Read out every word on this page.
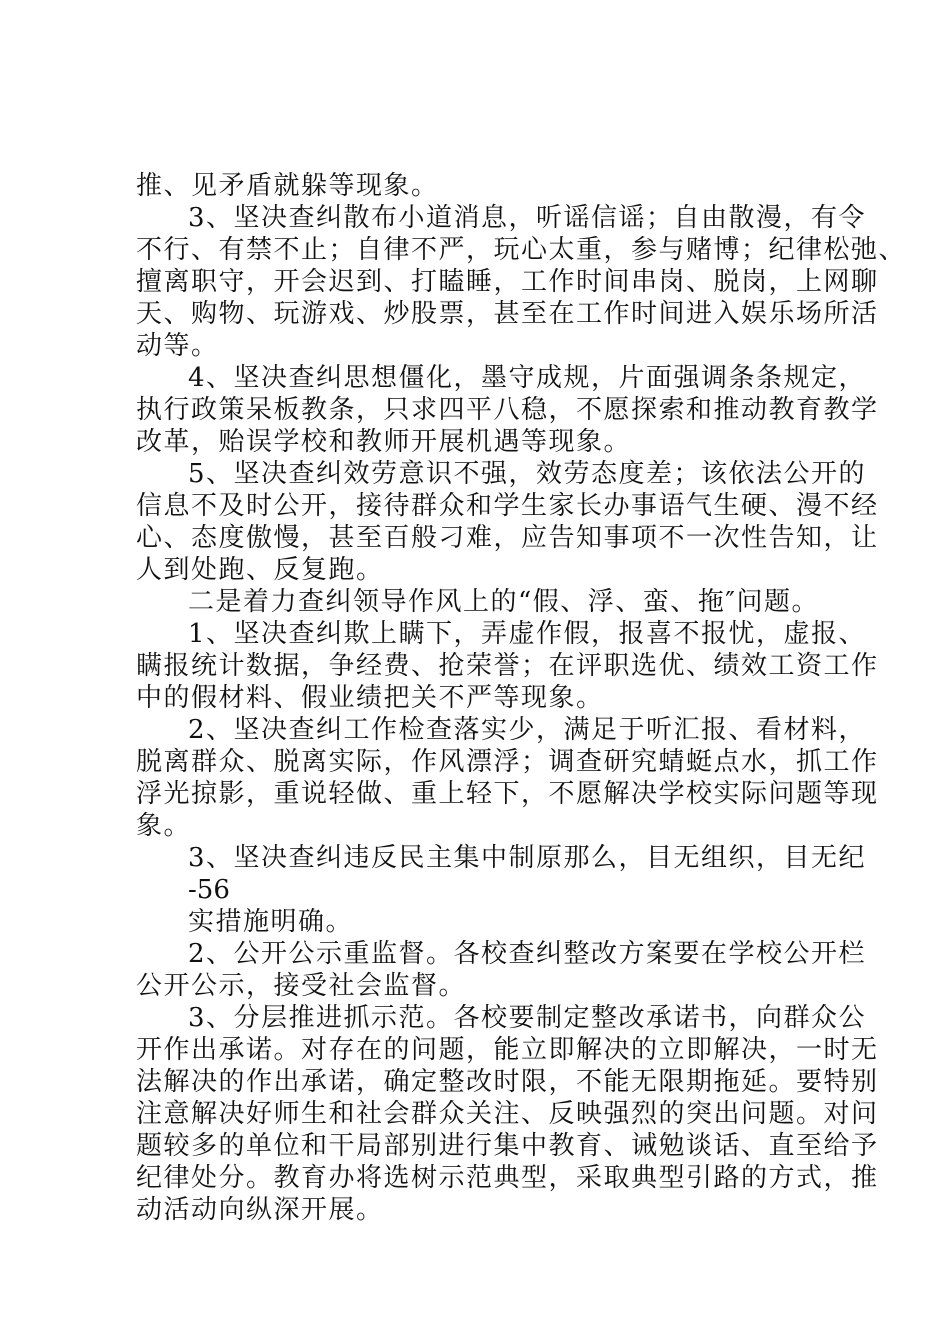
推、见矛盾就躲等现象。
3、坚决查纠散布小道消息，听谣信谣；自由散漫，有令
不行、有禁不止；自律不严，玩心太重，参与赌博；纪律松弛、
擅离职守，开会迟到、打瞌睡，工作时间串岗、脱岗，上网聊
天、购物、玩游戏、炒股票，甚至在工作时间进入娱乐场所活
动等。
4、坚决查纠思想僵化，墨守成规，片面强调条条规定，
执行政策呆板教条，只求四平八稳，不愿探索和推动教育教学
改革，贻误学校和教师开展机遇等现象。
5、坚决查纠效劳意识不强，效劳态度差；该依法公开的
信息不及时公开，接待群众和学生家长办事语气生硬、漫不经
心、态度傲慢，甚至百般刁难，应告知事项不一次性告知，让
人到处跑、反复跑。
二是着力查纠领导作风上的“假、浮、蛮、拖″问题。
1、坚决查纠欺上瞒下，弄虚作假，报喜不报忧，虚报、
瞒报统计数据，争经费、抢荣誉；在评职选优、绩效工资工作
中的假材料、假业绩把关不严等现象。
2、坚决查纠工作检查落实少，满足于听汇报、看材料，
脱离群众、脱离实际，作风漂浮；调查研究蜻蜓点水，抓工作
浮光掠影，重说轻做、重上轻下，不愿解决学校实际问题等现
象。
3、坚决查纠违反民主集中制原那么，目无组织，目无纪
-56
实措施明确。
2、公开公示重监督。各校查纠整改方案要在学校公开栏
公开公示，接受社会监督。
3、分层推进抓示范。各校要制定整改承诺书，向群众公
开作出承诺。对存在的问题，能立即解决的立即解决，一时无
法解决的作出承诺，确定整改时限，不能无限期拖延。要特别
注意解决好师生和社会群众关注、反映强烈的突出问题。对问
题较多的单位和干局部别进行集中教育、诫勉谈话、直至给予
纪律处分。教育办将选树示范典型，采取典型引路的方式，推
动活动向纵深开展。
